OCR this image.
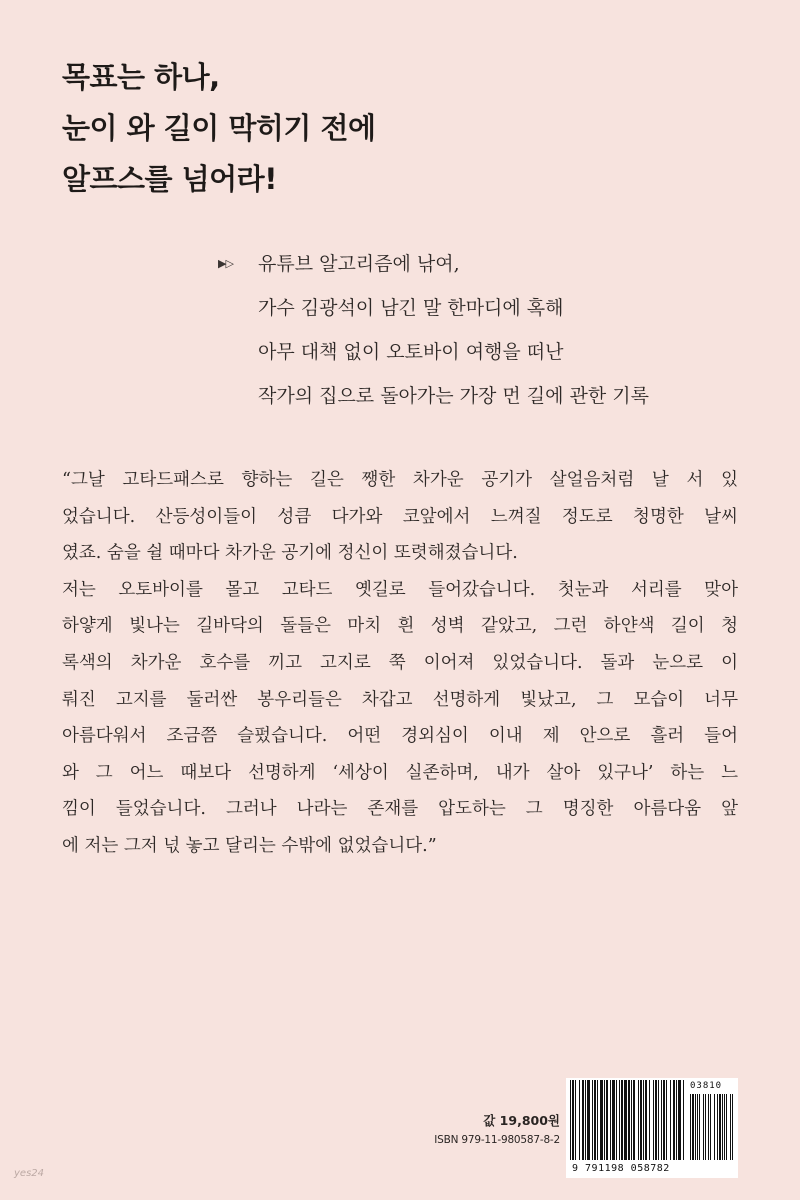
목표는 하나,
눈이 와 길이 막히기 전에
알프스를 넘어라!
▶▷ 유튜브 알고리즘에 낚여,
가수 김광석이 남긴 말 한마디에 혹해
아무 대책 없이 오토바이 여행을 떠난
작가의 집으로 돌아가는 가장 먼 길에 관한 기록
“그날 고타드패스로 향하는 길은 쨍한 차가운 공기가 살얼음처럼 날 서 있
었습니다. 산등성이들이 성큼 다가와 코앞에서 느껴질 정도로 청명한 날씨
였죠. 숨을 쉴 때마다 차가운 공기에 정신이 또렷해졌습니다.
저는 오토바이를 몰고 고타드 옛길로 들어갔습니다. 첫눈과 서리를 맞아
하얗게 빛나는 길바닥의 돌들은 마치 흰 성벽 같았고, 그런 하얀색 길이 청
록색의 차가운 호수를 끼고 고지로 쭉 이어져 있었습니다. 돌과 눈으로 이
뤄진 고지를 둘러싼 봉우리들은 차갑고 선명하게 빛났고, 그 모습이 너무
아름다워서 조금쯤 슬펐습니다. 어떤 경외심이 이내 제 안으로 흘러 들어
와 그 어느 때보다 선명하게 ‘세상이 실존하며, 내가 살아 있구나’ 하는 느
낌이 들었습니다. 그러나 나라는 존재를 압도하는 그 명징한 아름다움 앞
에 저는 그저 넋 놓고 달리는 수밖에 없었습니다.”
값 19,800원
ISBN 979-11-980587-8-2
03810
9 791198 058782
yes24
